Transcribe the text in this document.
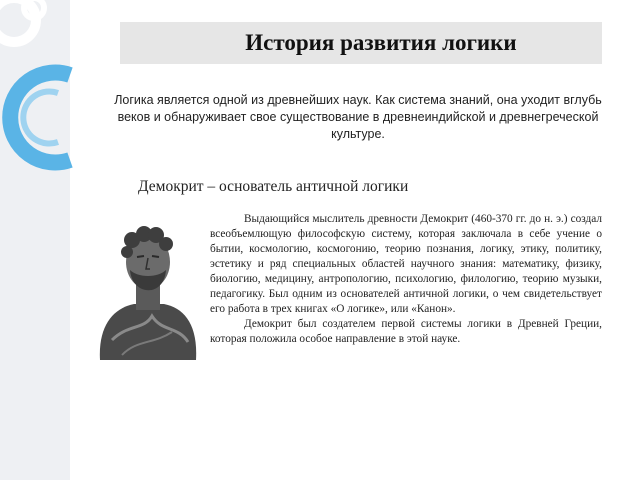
История развития логики
Логика является одной из древнейших наук. Как система знаний, она уходит вглубь веков и обнаруживает свое существование в древнеиндийской и древнегреческой культуре.
Демокрит – основатель античной логики

Выдающийся мыслитель древности Демокрит (460-370 гг. до н. э.) создал всеобъемлющую философскую систему, которая заключала в себе учение о бытии, космологию, космогонию, теорию познания, логику, этику, политику, эстетику и ряд специальных областей научного знания: математику, физику, биологию, медицину, антропологию, психологию, филологию, теорию музыки, педагогику. Был одним из основателей античной логики, о чем свидетельствует его работа в трех книгах «О логике», или «Канон».

Демокрит был создателем первой системы логики в Древней Греции, которая положила особое направление в этой науке.
